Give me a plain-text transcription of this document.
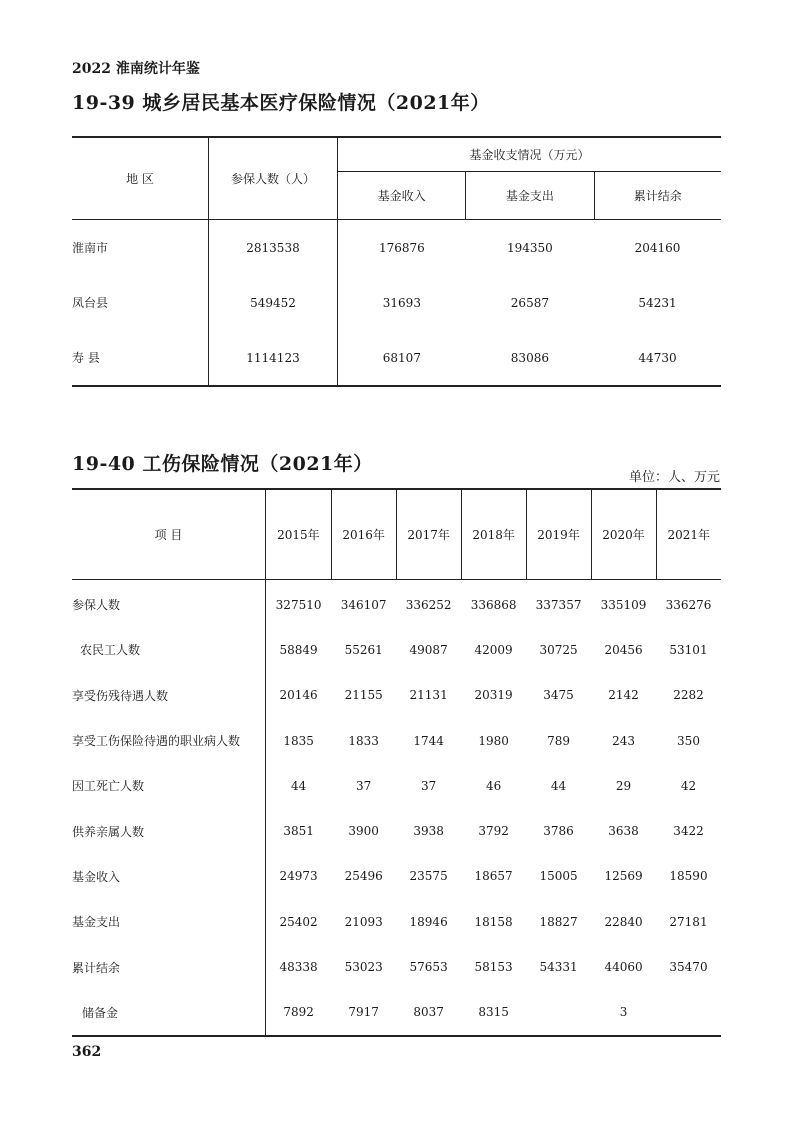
2022 淮南统计年鉴
19-39 城乡居民基本医疗保险情况（2021年）
地 区	参保人数（人）	基金收支情况（万元）		
		基金收入	基金支出	累计结余
淮南市	2813538	176876	194350	204160
凤台县	549452	31693	26587	54231
寿 县	1114123	68107	83086	44730
19-40 工伤保险情况（2021年）
单位：人、万元
项 目	2015年	2016年	2017年	2018年	2019年	2020年	2021年
参保人数	327510	346107	336252	336868	337357	335109	336276
农民工人数	58849	55261	49087	42009	30725	20456	53101
享受伤残待遇人数	20146	21155	21131	20319	3475	2142	2282
享受工伤保险待遇的职业病人数	1835	1833	1744	1980	789	243	350
因工死亡人数	44	37	37	46	44	29	42
供养亲属人数	3851	3900	3938	3792	3786	3638	3422
基金收入	24973	25496	23575	18657	15005	12569	18590
基金支出	25402	21093	18946	18158	18827	22840	27181
累计结余	48338	53023	57653	58153	54331	44060	35470
储备金	7892	7917	8037	8315		3	
362
